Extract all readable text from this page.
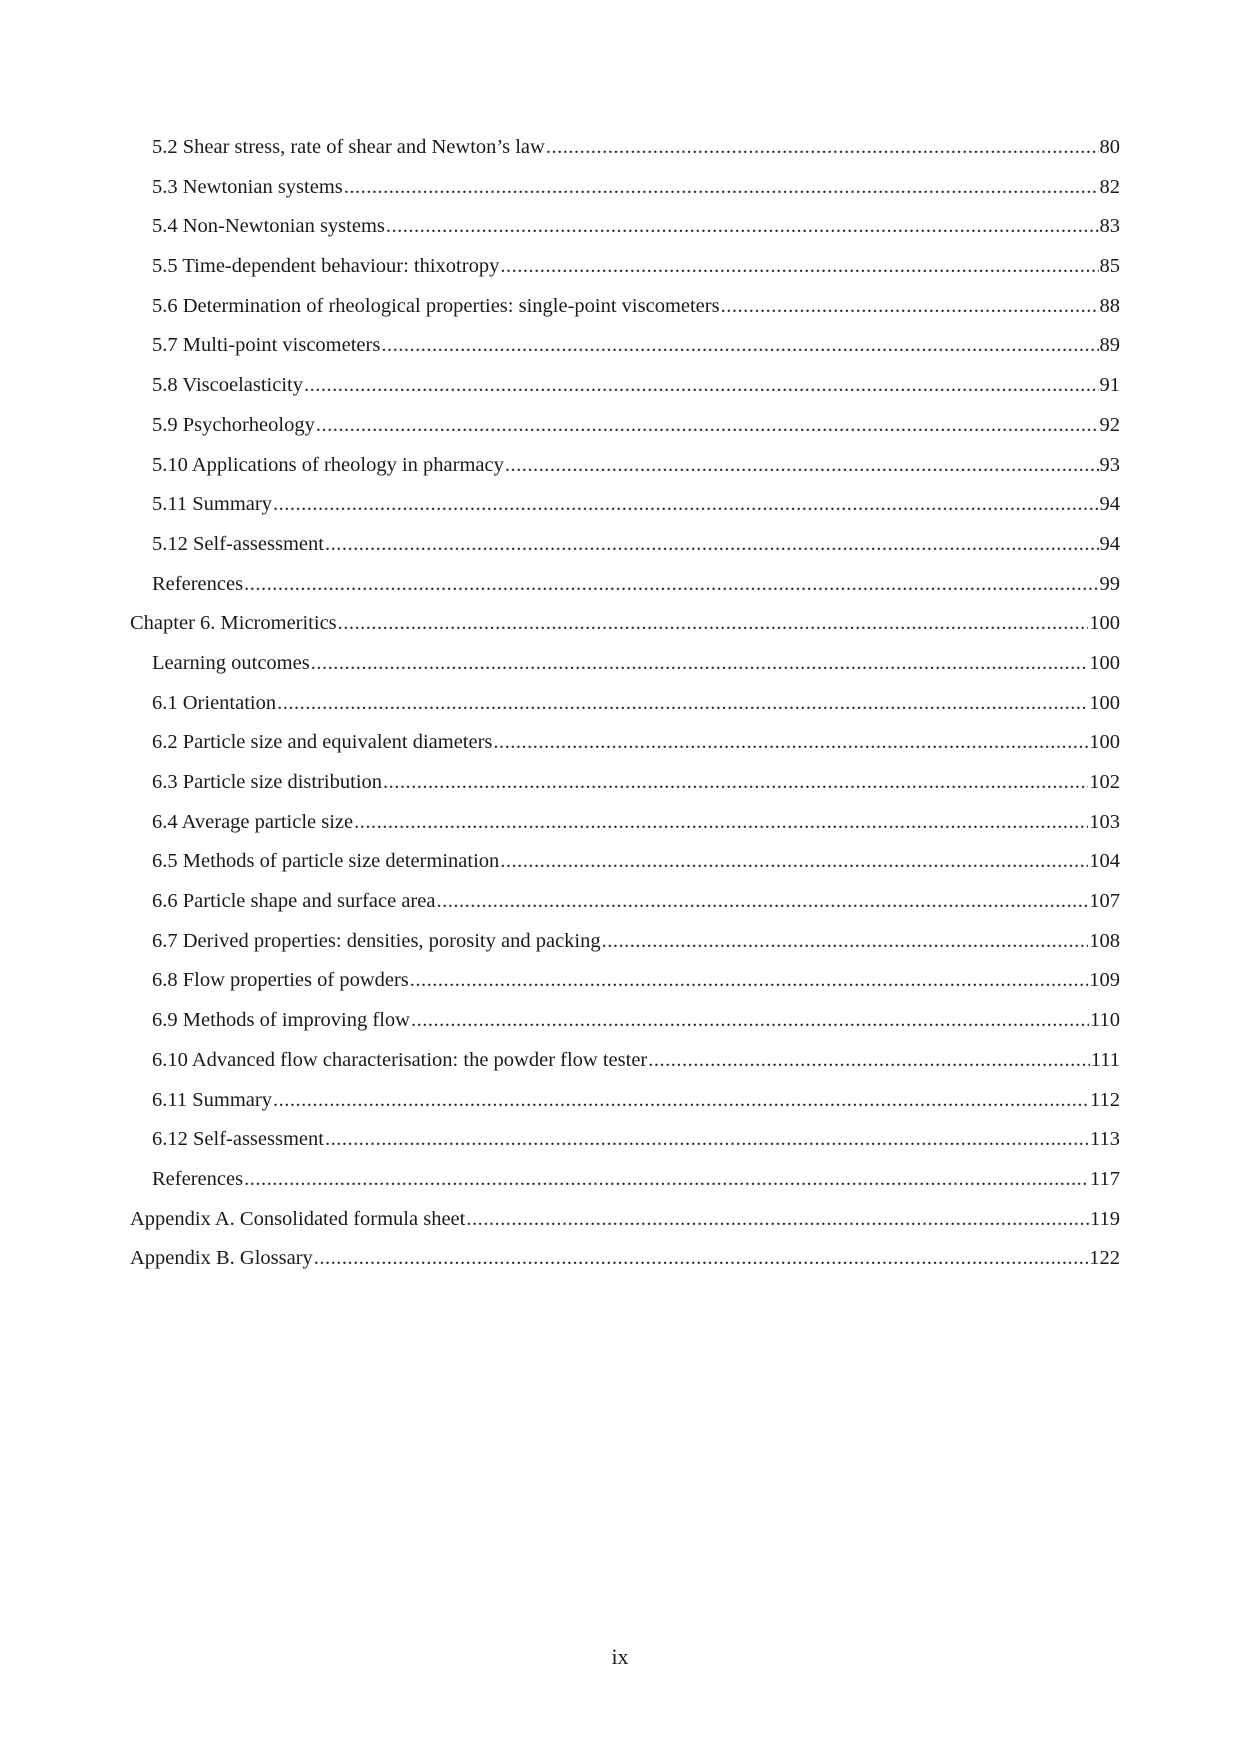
5.2 Shear stress, rate of shear and Newton’s law .....	80
5.3 Newtonian systems .....	82
5.4 Non-Newtonian systems .....	83
5.5 Time-dependent behaviour: thixotropy .....	85
5.6 Determination of rheological properties: single-point viscometers .....	88
5.7 Multi-point viscometers .....	89
5.8 Viscoelasticity .....	91
5.9 Psychorheology .....	92
5.10 Applications of rheology in pharmacy .....	93
5.11 Summary .....	94
5.12 Self-assessment .....	94
References .....	99
Chapter 6. Micromeritics .....	100
Learning outcomes .....	100
6.1 Orientation .....	100
6.2 Particle size and equivalent diameters .....	100
6.3 Particle size distribution .....	102
6.4 Average particle size .....	103
6.5 Methods of particle size determination .....	104
6.6 Particle shape and surface area .....	107
6.7 Derived properties: densities, porosity and packing .....	108
6.8 Flow properties of powders .....	109
6.9 Methods of improving flow .....	110
6.10 Advanced flow characterisation: the powder flow tester .....	111
6.11 Summary .....	112
6.12 Self-assessment .....	113
References .....	117
Appendix A. Consolidated formula sheet .....	119
Appendix B. Glossary .....	122
ix
